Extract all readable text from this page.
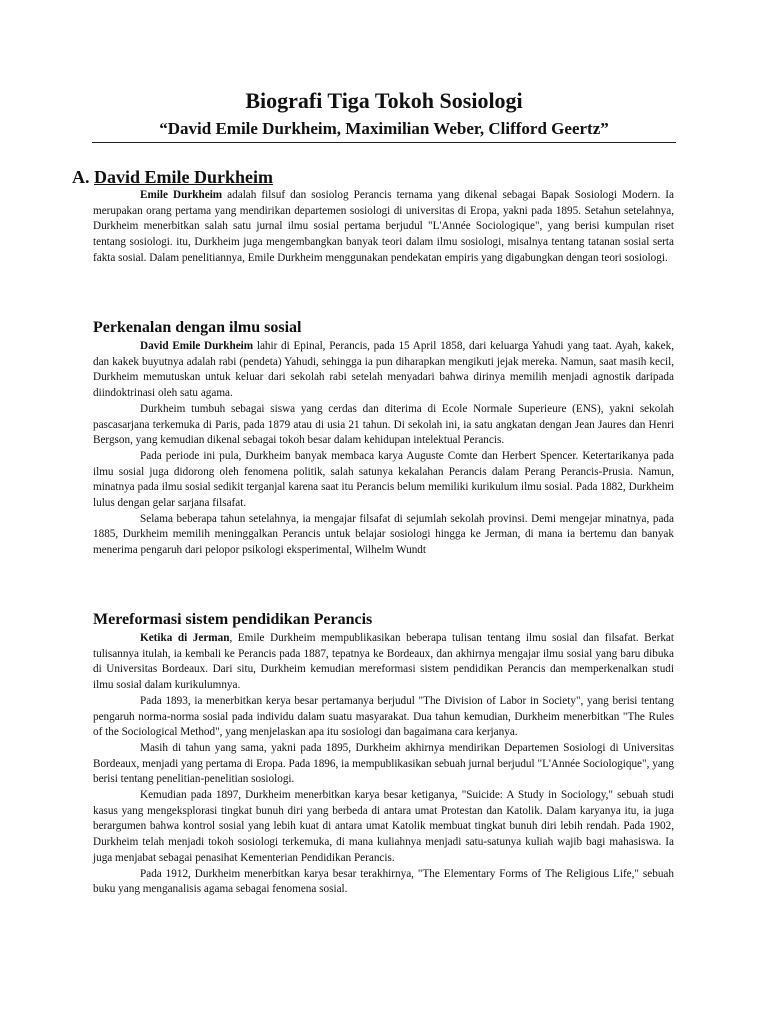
Biografi Tiga Tokoh Sosiologi
“David Emile Durkheim, Maximilian Weber, Clifford Geertz”
A. David Emile Durkheim

Emile Durkheim adalah filsuf dan sosiolog Perancis ternama yang dikenal sebagai Bapak Sosiologi Modern. Ia merupakan orang pertama yang mendirikan departemen sosiologi di universitas di Eropa, yakni pada 1895. Setahun setelahnya, Durkheim menerbitkan salah satu jurnal ilmu sosial pertama berjudul "L'Année Sociologique", yang berisi kumpulan riset tentang sosiologi. itu, Durkheim juga mengembangkan banyak teori dalam ilmu sosiologi, misalnya tentang tatanan sosial serta fakta sosial. Dalam penelitiannya, Emile Durkheim menggunakan pendekatan empiris yang digabungkan dengan teori sosiologi.

Perkenalan dengan ilmu sosial

David Emile Durkheim lahir di Epinal, Perancis, pada 15 April 1858, dari keluarga Yahudi yang taat. Ayah, kakek, dan kakek buyutnya adalah rabi (pendeta) Yahudi, sehingga ia pun diharapkan mengikuti jejak mereka. Namun, saat masih kecil, Durkheim memutuskan untuk keluar dari sekolah rabi setelah menyadari bahwa dirinya memilih menjadi agnostik daripada diindoktrinasi oleh satu agama.

Durkheim tumbuh sebagai siswa yang cerdas dan diterima di Ecole Normale Superieure (ENS), yakni sekolah pascasarjana terkemuka di Paris, pada 1879 atau di usia 21 tahun. Di sekolah ini, ia satu angkatan dengan Jean Jaures dan Henri Bergson, yang kemudian dikenal sebagai tokoh besar dalam kehidupan intelektual Perancis.

Pada periode ini pula, Durkheim banyak membaca karya Auguste Comte dan Herbert Spencer. Ketertarikanya pada ilmu sosial juga didorong oleh fenomena politik, salah satunya kekalahan Perancis dalam Perang Perancis-Prusia. Namun, minatnya pada ilmu sosial sedikit terganjal karena saat itu Perancis belum memiliki kurikulum ilmu sosial. Pada 1882, Durkheim lulus dengan gelar sarjana filsafat.

Selama beberapa tahun setelahnya, ia mengajar filsafat di sejumlah sekolah provinsi. Demi mengejar minatnya, pada 1885, Durkheim memilih meninggalkan Perancis untuk belajar sosiologi hingga ke Jerman, di mana ia bertemu dan banyak menerima pengaruh dari pelopor psikologi eksperimental, Wilhelm Wundt

Mereformasi sistem pendidikan Perancis

Ketika di Jerman, Emile Durkheim mempublikasikan beberapa tulisan tentang ilmu sosial dan filsafat. Berkat tulisannya itulah, ia kembali ke Perancis pada 1887, tepatnya ke Bordeaux, dan akhirnya mengajar ilmu sosial yang baru dibuka di Universitas Bordeaux. Dari situ, Durkheim kemudian mereformasi sistem pendidikan Perancis dan memperkenalkan studi ilmu sosial dalam kurikulumnya.

Pada 1893, ia menerbitkan kerya besar pertamanya berjudul "The Division of Labor in Society", yang berisi tentang pengaruh norma-norma sosial pada individu dalam suatu masyarakat. Dua tahun kemudian, Durkheim menerbitkan "The Rules of the Sociological Method", yang menjelaskan apa itu sosiologi dan bagaimana cara kerjanya.

Masih di tahun yang sama, yakni pada 1895, Durkheim akhirnya mendirikan Departemen Sosiologi di Universitas Bordeaux, menjadi yang pertama di Eropa. Pada 1896, ia mempublikasikan sebuah jurnal berjudul "L'Année Sociologique", yang berisi tentang penelitian-penelitian sosiologi.

Kemudian pada 1897, Durkheim menerbitkan karya besar ketiganya, "Suicide: A Study in Sociology," sebuah studi kasus yang mengeksplorasi tingkat bunuh diri yang berbeda di antara umat Protestan dan Katolik. Dalam karyanya itu, ia juga berargumen bahwa kontrol sosial yang lebih kuat di antara umat Katolik membuat tingkat bunuh diri lebih rendah. Pada 1902, Durkheim telah menjadi tokoh sosiologi terkemuka, di mana kuliahnya menjadi satu-satunya kuliah wajib bagi mahasiswa. Ia juga menjabat sebagai penasihat Kementerian Pendidikan Perancis.

Pada 1912, Durkheim menerbitkan karya besar terakhirnya, "The Elementary Forms of The Religious Life," sebuah buku yang menganalisis agama sebagai fenomena sosial.
